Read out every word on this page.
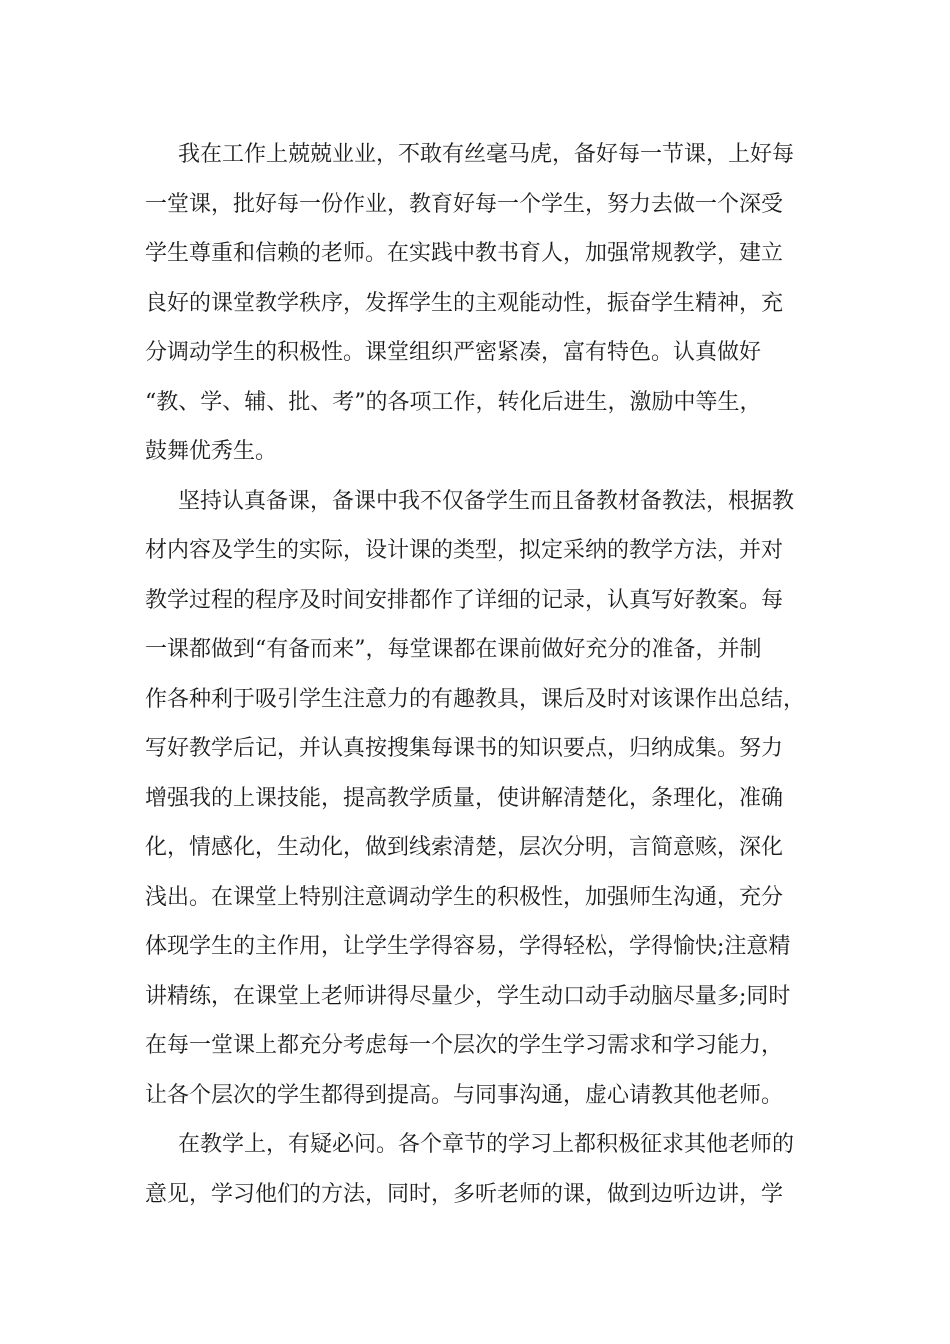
我在工作上兢兢业业，不敢有丝毫马虎，备好每一节课，上好每
一堂课，批好每一份作业，教育好每一个学生，努力去做一个深受
学生尊重和信赖的老师。在实践中教书育人，加强常规教学，建立
良好的课堂教学秩序，发挥学生的主观能动性，振奋学生精神，充
分调动学生的积极性。课堂组织严密紧凑，富有特色。认真做好
“教、学、辅、批、考”的各项工作，转化后进生，激励中等生，
鼓舞优秀生。
坚持认真备课，备课中我不仅备学生而且备教材备教法，根据教
材内容及学生的实际，设计课的类型，拟定采纳的教学方法，并对
教学过程的程序及时间安排都作了详细的记录，认真写好教案。每
一课都做到“有备而来”，每堂课都在课前做好充分的准备，并制
作各种利于吸引学生注意力的有趣教具，课后及时对该课作出总结，
写好教学后记，并认真按搜集每课书的知识要点，归纳成集。努力
增强我的上课技能，提高教学质量，使讲解清楚化，条理化，准确
化，情感化，生动化，做到线索清楚，层次分明，言简意赅，深化
浅出。在课堂上特别注意调动学生的积极性，加强师生沟通，充分
体现学生的主作用，让学生学得容易，学得轻松，学得愉快;注意精
讲精练，在课堂上老师讲得尽量少，学生动口动手动脑尽量多;同时
在每一堂课上都充分考虑每一个层次的学生学习需求和学习能力，
让各个层次的学生都得到提高。与同事沟通，虚心请教其他老师。
在教学上，有疑必问。各个章节的学习上都积极征求其他老师的
意见，学习他们的方法，同时，多听老师的课，做到边听边讲，学
